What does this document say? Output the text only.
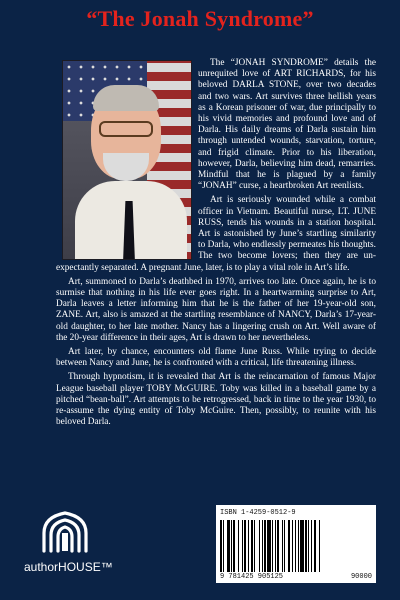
“The Jonah Syndrome”

The “JONAH SYNDROME” details the unrequited love of ART RICHARDS, for his beloved DARLA STONE, over two decades and two wars. Art survives three hellish years as a Korean prisoner of war, due principally to his vivid memories and profound love and of Darla. His daily dreams of Darla sustain him through untended wounds, starvation, torture, and frigid climate. Prior to his liberation, however, Darla, believing him dead, remarries. Mindful that he is plagued by a family “JONAH” curse, a heartbroken Art reenlists.

Art is seriously wounded while a combat officer in Vietnam. Beautiful nurse, LT. JUNE RUSS, tends his wounds in a station hospital. Art is astonished by June’s startling similarity to Darla, who endlessly permeates his thoughts. The two become lovers; then they are un-expectantly separated. A pregnant June, later, is to play a vital role in Art’s life.

Art, summoned to Darla’s deathbed in 1970, arrives too late. Once again, he is to surmise that nothing in his life ever goes right. In a heartwarming surprise to Art, Darla leaves a letter informing him that he is the father of her 19-year-old son, ZANE. Art, also is amazed at the startling resemblance of NANCY, Darla’s 17-year-old daughter, to her late mother. Nancy has a lingering crush on Art. Well aware of the 20-year difference in their ages, Art is drawn to her nevertheless.

Art later, by chance, encounters old flame June Russ. While trying to decide between Nancy and June, he is confronted with a critical, life threatening illness.

Through hypnotism, it is revealed that Art is the reincarnation of famous Major League baseball player TOBY McGUIRE. Toby was killed in a baseball game by a pitched “bean-ball”. Art attempts to be retrogressed, back in time to the year 1930, to re-assume the dying entity of Toby McGuire. Then, possibly, to reunite with his beloved Darla.

authorHOUSE™
ISBN 1-4259-0512-9
9 781425 905125	90000
